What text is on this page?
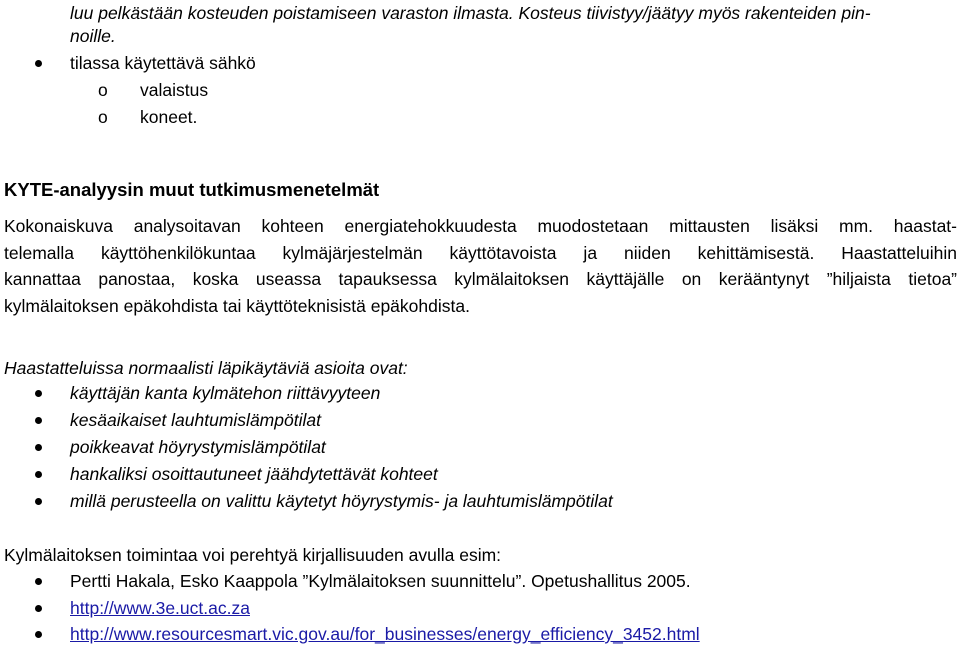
luu pelkästään kosteuden poistamiseen varaston ilmasta. Kosteus tiivistyy/jäätyy myös rakenteiden pin-
noille.
tilassa käytettävä sähkö
o valaistus
o koneet.
KYTE-analyysin muut tutkimusmenetelmät
Kokonaiskuva analysoitavan kohteen energiatehokkuudesta muodostetaan mittausten lisäksi mm. haastat-
telemalla käyttöhenkilökuntaa kylmäjärjestelmän käyttötavoista ja niiden kehittämisestä. Haastatteluihin
kannattaa panostaa, koska useassa tapauksessa kylmälaitoksen käyttäjälle on kerääntynyt ”hiljaista tietoa”
kylmälaitoksen epäkohdista tai käyttöteknisistä epäkohdista.
Haastatteluissa normaalisti läpikäytäviä asioita ovat:
käyttäjän kanta kylmätehon riittävyyteen
kesäaikaiset lauhtumislämpötilat
poikkeavat höyrystymislämpötilat
hankaliksi osoittautuneet jäähdytettävät kohteet
millä perusteella on valittu käytetyt höyrystymis- ja lauhtumislämpötilat
Kylmälaitoksen toimintaa voi perehtyä kirjallisuuden avulla esim:
Pertti Hakala, Esko Kaappola ”Kylmälaitoksen suunnittelu”. Opetushallitus 2005.
http://www.3e.uct.ac.za
http://www.resourcesmart.vic.gov.au/for_businesses/energy_efficiency_3452.html
